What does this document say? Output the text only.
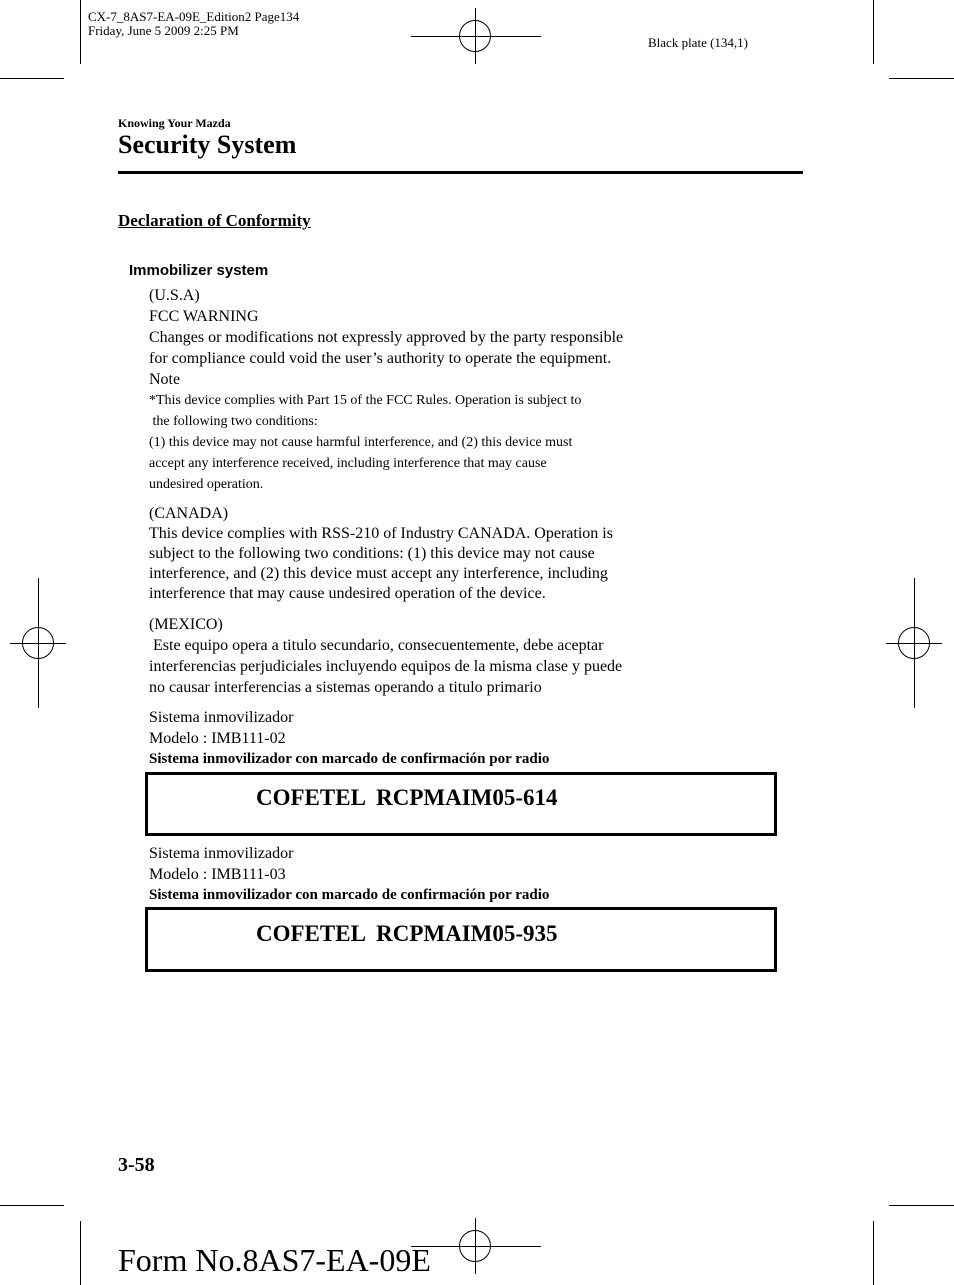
CX-7_8AS7-EA-09E_Edition2 Page134
Friday, June 5 2009 2:25 PM
Black plate (134,1)
Knowing Your Mazda
Security System
Declaration of Conformity
Immobilizer system
(U.S.A)
FCC WARNING
Changes or modifications not expressly approved by the party responsible
for compliance could void the user’s authority to operate the equipment.
Note
*This device complies with Part 15 of the FCC Rules. Operation is subject to
the following two conditions:
(1) this device may not cause harmful interference, and (2) this device must
accept any interference received, including interference that may cause
undesired operation.
(CANADA)
This device complies with RSS-210 of Industry CANADA. Operation is
subject to the following two conditions: (1) this device may not cause
interference, and (2) this device must accept any interference, including
interference that may cause undesired operation of the device.
(MEXICO)
Este equipo opera a titulo secundario, consecuentemente, debe aceptar
interferencias perjudiciales incluyendo equipos de la misma clase y puede
no causar interferencias a sistemas operando a titulo primario
Sistema inmovilizador
Modelo : IMB111-02
Sistema inmovilizador con marcado de confirmación por radio
COFETEL  RCPMAIM05-614
Sistema inmovilizador
Modelo : IMB111-03
Sistema inmovilizador con marcado de confirmación por radio
COFETEL  RCPMAIM05-935
3-58
Form No.8AS7-EA-09E
